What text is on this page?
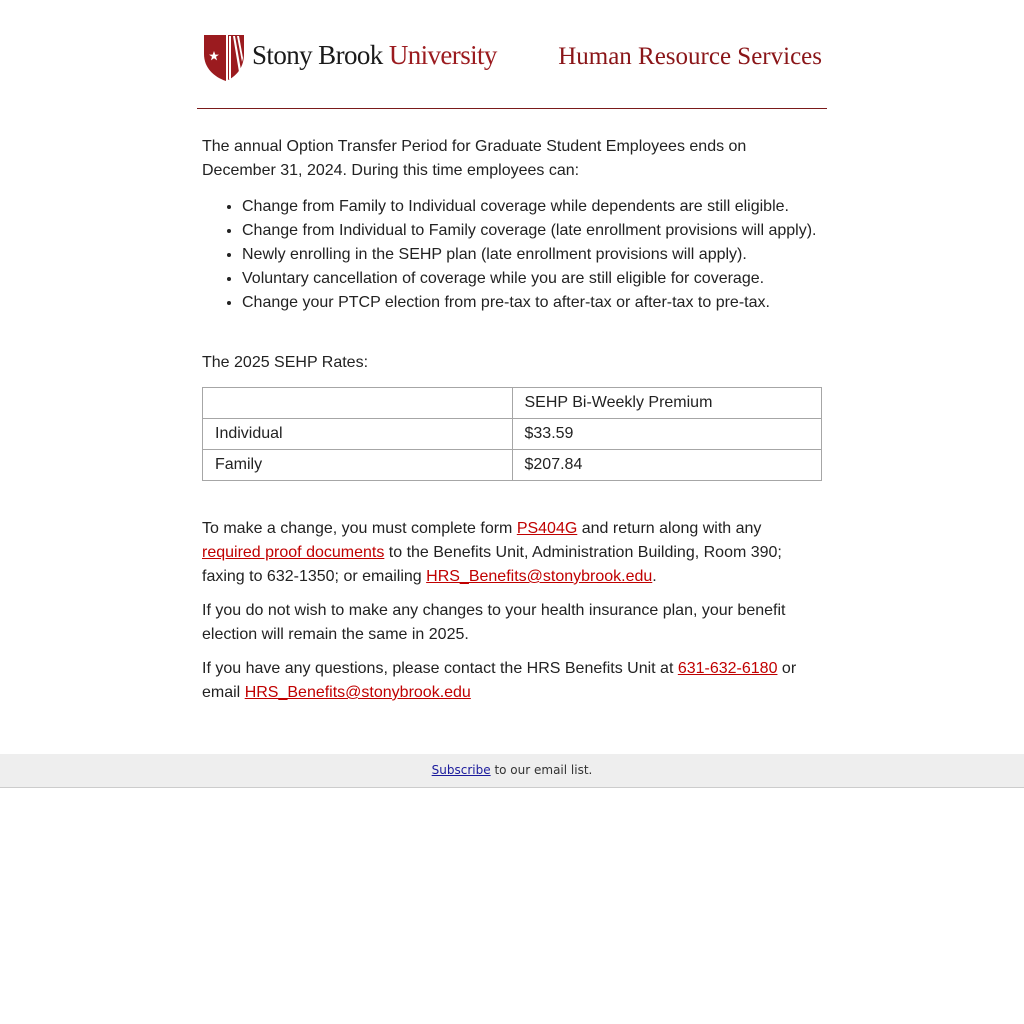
Stony Brook University Human Resource Services

The annual Option Transfer Period for Graduate Student Employees ends on December 31, 2024. During this time employees can:

• Change from Family to Individual coverage while dependents are still eligible.
• Change from Individual to Family coverage (late enrollment provisions will apply).
• Newly enrolling in the SEHP plan (late enrollment provisions will apply).
• Voluntary cancellation of coverage while you are still eligible for coverage.
• Change your PTCP election from pre-tax to after-tax or after-tax to pre-tax.

The 2025 SEHP Rates:

	SEHP Bi-Weekly Premium
Individual	$33.59
Family	$207.84

To make a change, you must complete form PS404G and return along with any required proof documents to the Benefits Unit, Administration Building, Room 390; faxing to 632-1350; or emailing HRS_Benefits@stonybrook.edu.

If you do not wish to make any changes to your health insurance plan, your benefit election will remain the same in 2025.

If you have any questions, please contact the HRS Benefits Unit at 631-632-6180 or email HRS_Benefits@stonybrook.edu

Subscribe to our email list.
